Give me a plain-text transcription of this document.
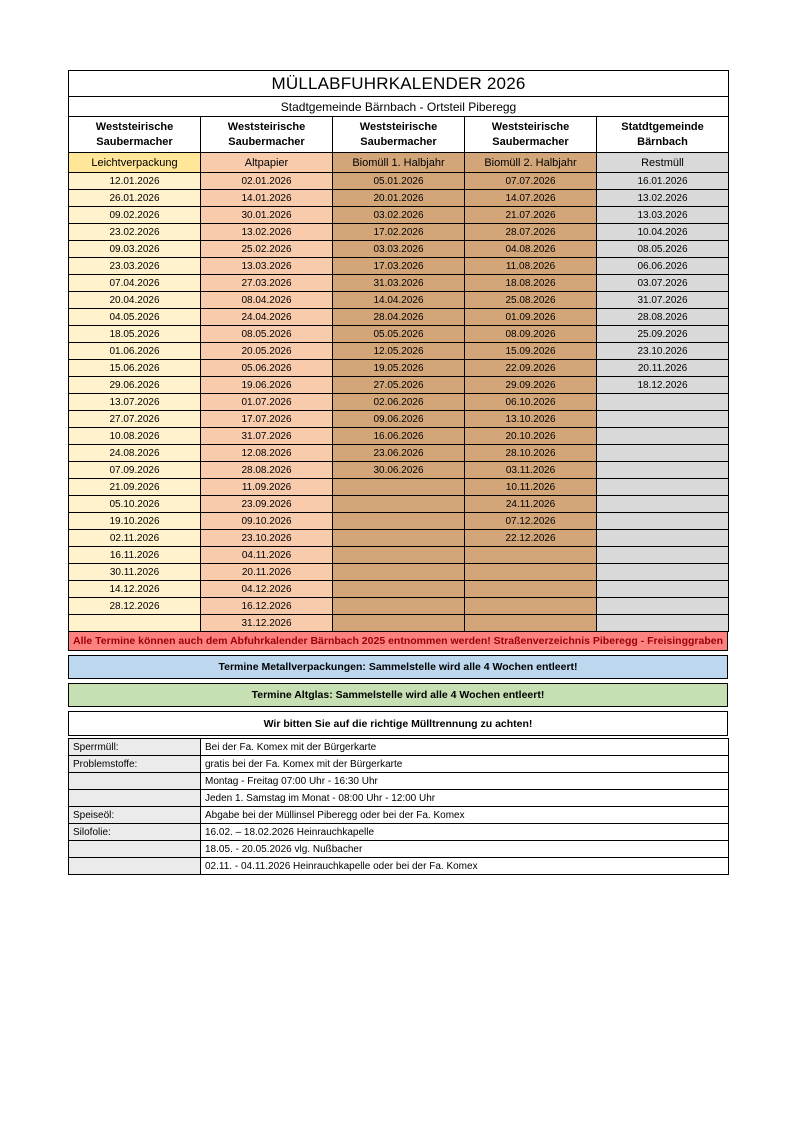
MÜLLABFUHRKALENDER 2026				
Stadtgemeinde Bärnbach - Ortsteil Piberegg				
Weststeirische Saubermacher	Weststeirische Saubermacher	Weststeirische Saubermacher	Weststeirische Saubermacher	Statdtgemeinde Bärnbach
Leichtverpackung	Altpapier	Biomüll 1. Halbjahr	Biomüll 2. Halbjahr	Restmüll
12.01.2026	02.01.2026	05.01.2026	07.07.2026	16.01.2026
26.01.2026	14.01.2026	20.01.2026	14.07.2026	13.02.2026
09.02.2026	30.01.2026	03.02.2026	21.07.2026	13.03.2026
23.02.2026	13.02.2026	17.02.2026	28.07.2026	10.04.2026
09.03.2026	25.02.2026	03.03.2026	04.08.2026	08.05.2026
23.03.2026	13.03.2026	17.03.2026	11.08.2026	06.06.2026
07.04.2026	27.03.2026	31.03.2026	18.08.2026	03.07.2026
20.04.2026	08.04.2026	14.04.2026	25.08.2026	31.07.2026
04.05.2026	24.04.2026	28.04.2026	01.09.2026	28.08.2026
18.05.2026	08.05.2026	05.05.2026	08.09.2026	25.09.2026
01.06.2026	20.05.2026	12.05.2026	15.09.2026	23.10.2026
15.06.2026	05.06.2026	19.05.2026	22.09.2026	20.11.2026
29.06.2026	19.06.2026	27.05.2026	29.09.2026	18.12.2026
13.07.2026	01.07.2026	02.06.2026	06.10.2026	
27.07.2026	17.07.2026	09.06.2026	13.10.2026	
10.08.2026	31.07.2026	16.06.2026	20.10.2026	
24.08.2026	12.08.2026	23.06.2026	28.10.2026	
07.09.2026	28.08.2026	30.06.2026	03.11.2026	
21.09.2026	11.09.2026		10.11.2026	
05.10.2026	23.09.2026		24.11.2026	
19.10.2026	09.10.2026		07.12.2026	
02.11.2026	23.10.2026		22.12.2026	
16.11.2026	04.11.2026			
30.11.2026	20.11.2026			
14.12.2026	04.12.2026			
28.12.2026	16.12.2026			
	31.12.2026			
Alle Termine können auch dem Abfuhrkalender Bärnbach 2025 entnommen werden! Straßenverzeichnis Piberegg - Freisinggraben
Termine Metallverpackungen: Sammelstelle wird alle 4 Wochen entleert!
Termine Altglas: Sammelstelle wird alle 4 Wochen entleert!
Wir bitten Sie auf die richtige Mülltrennung zu achten!
Sperrmüll:	Bei der Fa. Komex mit der Bürgerkarte
Problemstoffe:	gratis bei der Fa. Komex mit der Bürgerkarte
	Montag - Freitag 07:00 Uhr - 16:30 Uhr
	Jeden 1. Samstag im Monat - 08:00 Uhr - 12:00 Uhr
Speiseöl:	Abgabe bei der Müllinsel Piberegg oder bei der Fa. Komex
Silofolie:	16.02. – 18.02.2026 Heinrauchkapelle
	18.05. - 20.05.2026 vlg. Nußbacher
	02.11. - 04.11.2026 Heinrauchkapelle oder bei der Fa. Komex
